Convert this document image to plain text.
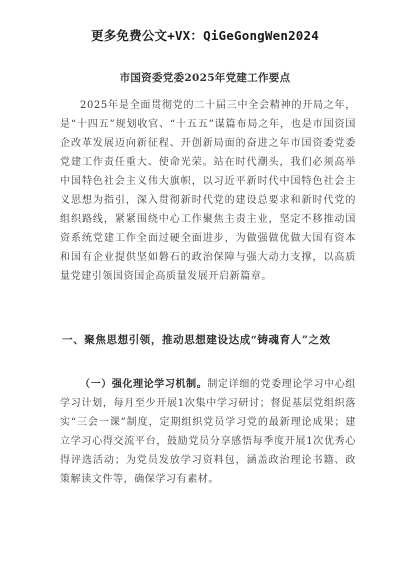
更多免费公文+VX：QiGeGongWen2024
市国资委党委2025年党建工作要点

2025年是全面贯彻党的二十届三中全会精神的开局之年，是“十四五”规划收官、“十五五”谋篇布局之年，也是市国资国企改革发展迈向新征程、开创新局面的奋进之年市国资委党委党建工作责任重大、使命光荣。站在时代潮头，我们必须高举中国特色社会主义伟大旗帜，以习近平新时代中国特色社会主义思想为指引，深入贯彻新时代党的建设总要求和新时代党的组织路线，紧紧围绕中心工作聚焦主责主业，坚定不移推动国资系统党建工作全面过硬全面进步，为做强做优做大国有资本和国有企业提供坚如磐石的政治保障与强大动力支撑，以高质量党建引领国资国企高质量发展开启新篇章。

一、聚焦思想引领，推动思想建设达成“铸魂育人”之效

（一）强化理论学习机制。制定详细的党委理论学习中心组学习计划，每月至少开展1次集中学习研讨；督促基层党组织落实“三会一课”制度，定期组织党员学习党的最新理论成果；建立学习心得交流平台，鼓励党员分享感悟每季度开展1次优秀心得评选活动；为党员发放学习资料包，涵盖政治理论书籍、政策解读文件等，确保学习有素材。
